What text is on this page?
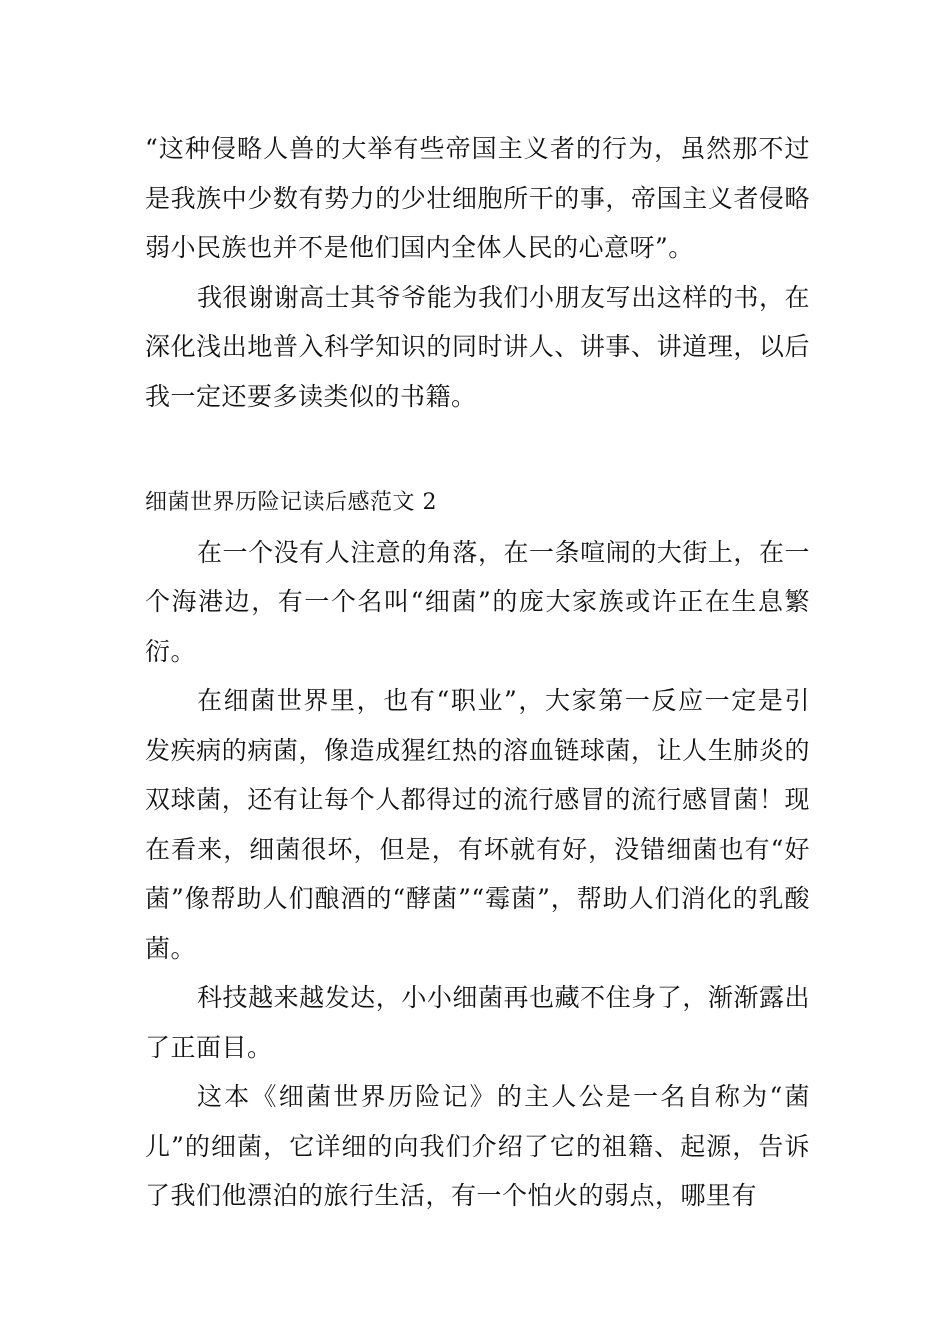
“这种侵略人兽的大举有些帝国主义者的行为，虽然那不过是我族中少数有势力的少壮细胞所干的事，帝国主义者侵略弱小民族也并不是他们国内全体人民的心意呀”。

我很谢谢高士其爷爷能为我们小朋友写出这样的书，在深化浅出地普入科学知识的同时讲人、讲事、讲道理，以后我一定还要多读类似的书籍。

细菌世界历险记读后感范文 2

在一个没有人注意的角落，在一条喧闹的大街上，在一个海港边，有一个名叫“细菌”的庞大家族或许正在生息繁衍。

在细菌世界里，也有“职业”，大家第一反应一定是引发疾病的病菌，像造成猩红热的溶血链球菌，让人生肺炎的双球菌，还有让每个人都得过的流行感冒的流行感冒菌！现在看来，细菌很坏，但是，有坏就有好，没错细菌也有“好菌”像帮助人们酿酒的“酵菌”“霉菌”，帮助人们消化的乳酸菌。

科技越来越发达，小小细菌再也藏不住身了，渐渐露出了正面目。

这本《细菌世界历险记》的主人公是一名自称为“菌儿”的细菌，它详细的向我们介绍了它的祖籍、起源，告诉了我们他漂泊的旅行生活，有一个怕火的弱点，哪里有
